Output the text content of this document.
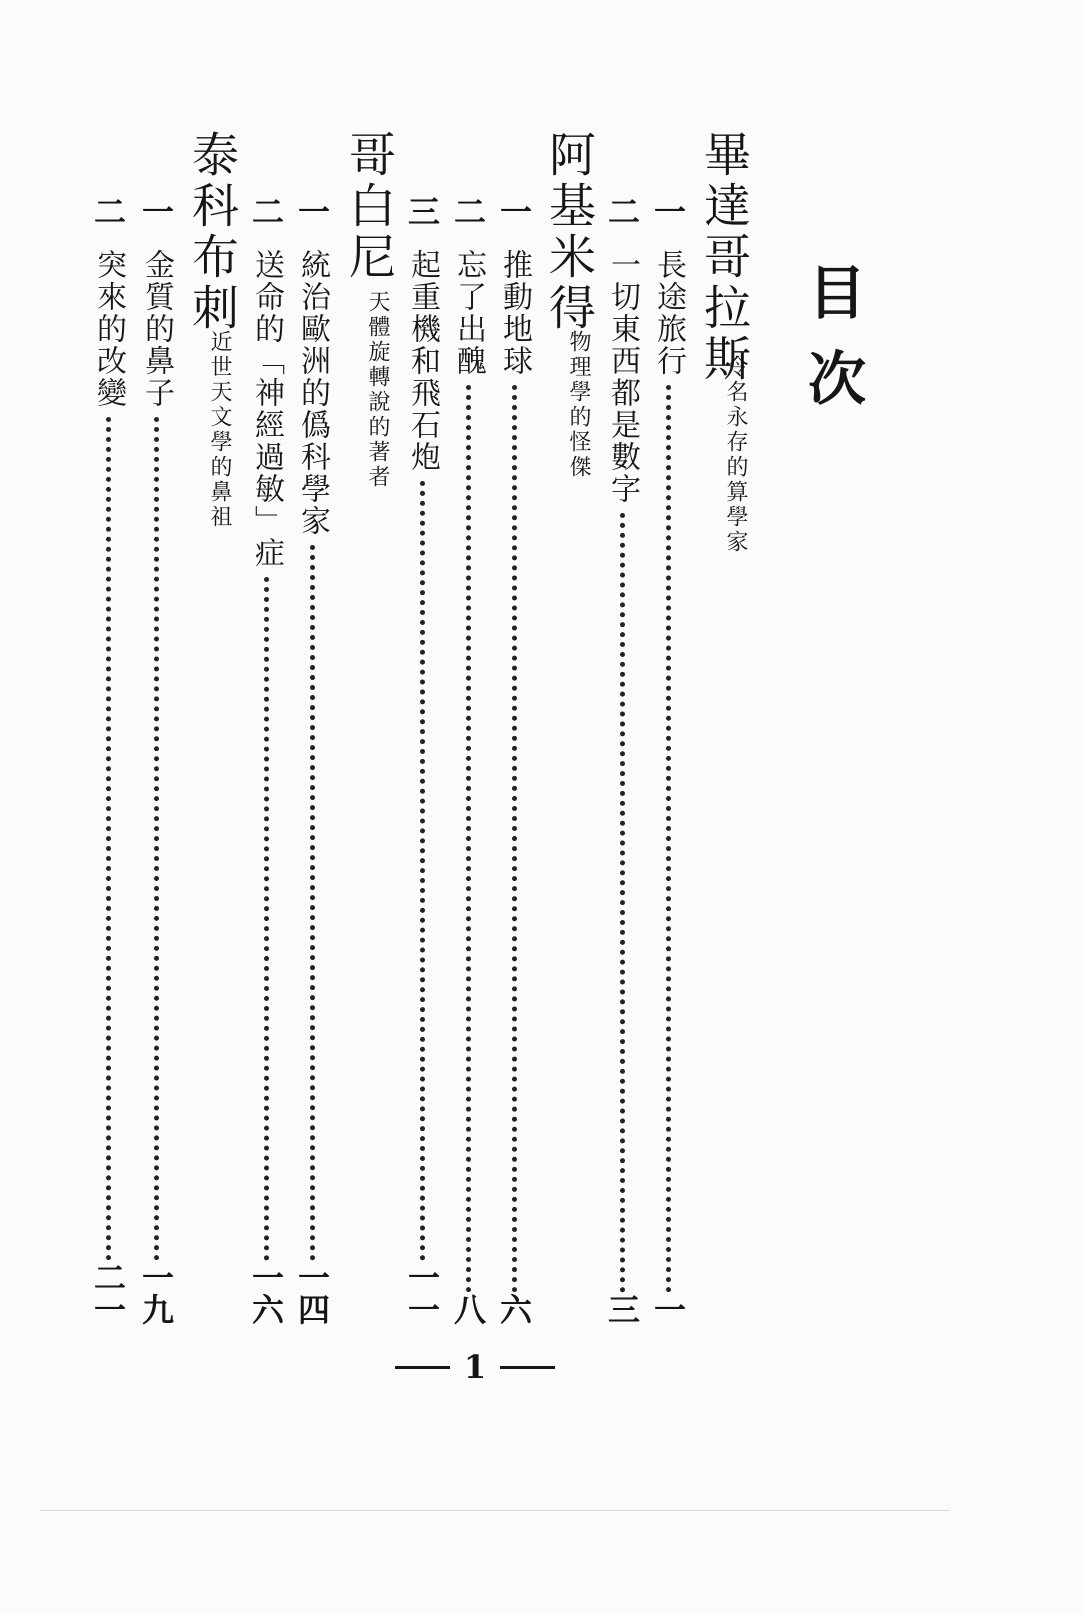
目次
畢達哥拉斯
令名永存的算學家
一
長途旅行
一
二
一切東西都是數字
三
阿基米得
物理學的怪傑
一
推動地球
六
二
忘了出醜
八
三
起重機和飛石炮
一一
哥白尼
天體旋轉說的著者
一
統治歐洲的僞科學家
一四
二
送命的「神經過敏」症
一六
泰科布刺
近世天文學的鼻祖
一
金質的鼻子
一九
二
突來的改變
二一
1
